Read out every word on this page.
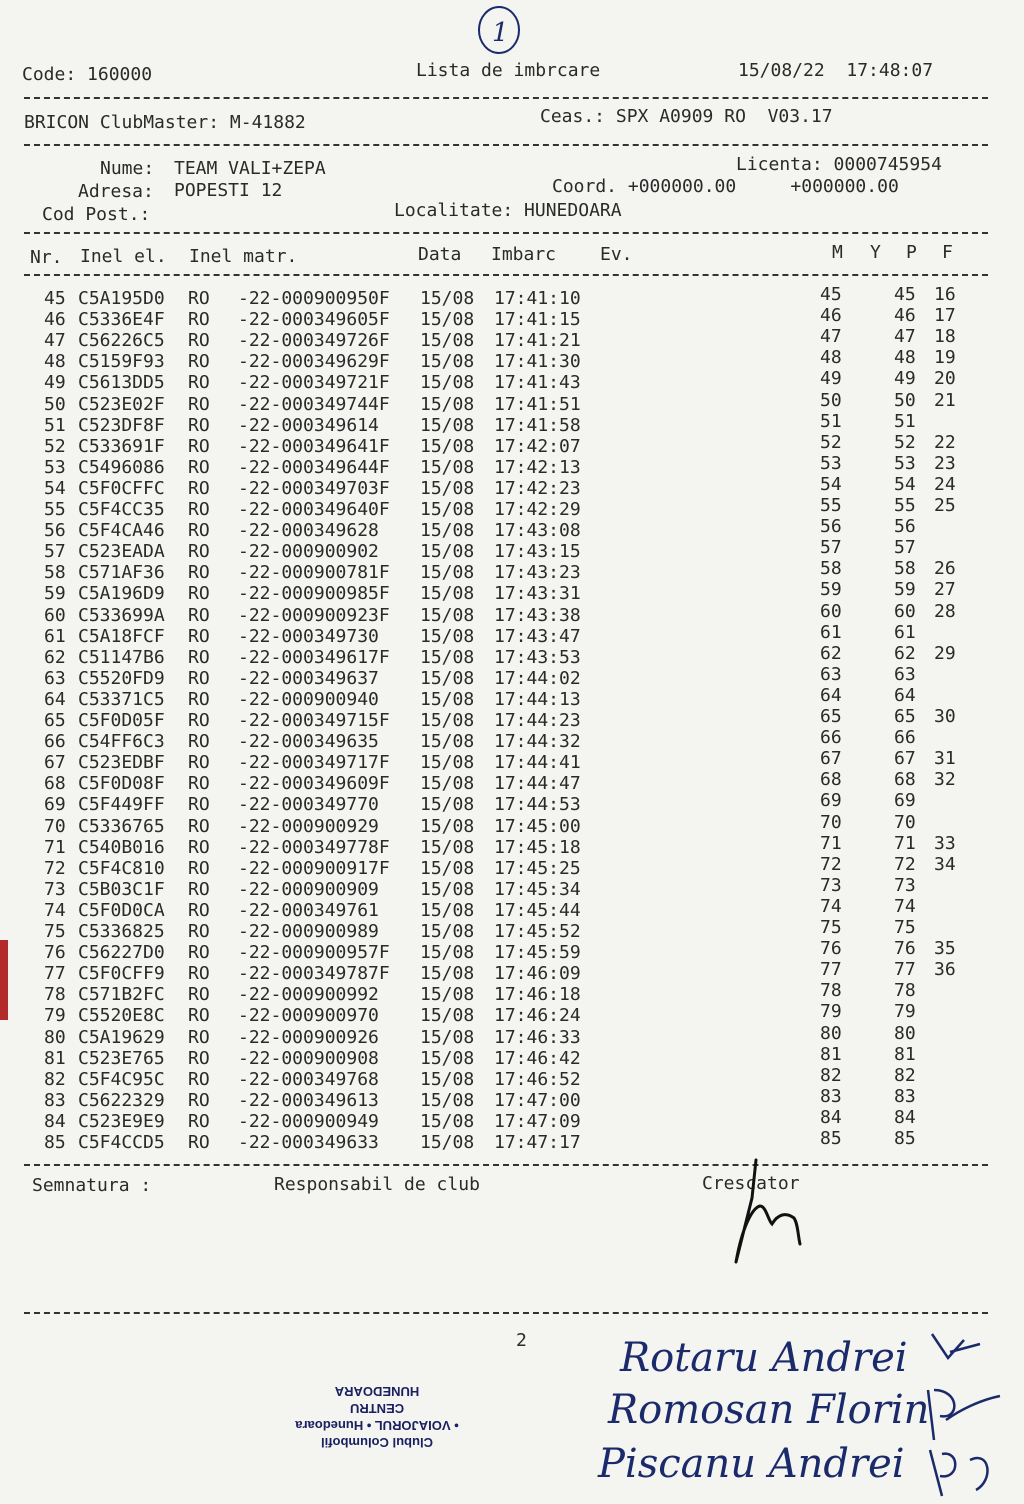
1
Code: 160000	Lista de imbrcare	15/08/22  17:48:07
BRICON ClubMaster: M-41882	Ceas.: SPX A0909 RO  V03.17
Nume: TEAM VALI+ZEPA
Adresa: POPESTI 12
Cod Post.:
Licenta: 0000745954
Coord. +000000.00     +000000.00
Localitate: HUNEDOARA
Nr. Inel el. Inel matr.	Data Imbarc Ev.	M Y P F
45 C5A195D0 RO -22-000900950F 15/08 17:41:10	45	45 16
46 C5336E4F RO -22-000349605F 15/08 17:41:15	46	46 17
47 C56226C5 RO -22-000349726F 15/08 17:41:21	47	47 18
48 C5159F93 RO -22-000349629F 15/08 17:41:30	48	48 19
49 C5613DD5 RO -22-000349721F 15/08 17:41:43	49	49 20
50 C523E02F RO -22-000349744F 15/08 17:41:51	50	50 21
51 C523DF8F RO -22-000349614 15/08 17:41:58	51	51
52 C533691F RO -22-000349641F 15/08 17:42:07	52	52 22
53 C5496086 RO -22-000349644F 15/08 17:42:13	53	53 23
54 C5F0CFFC RO -22-000349703F 15/08 17:42:23	54	54 24
55 C5F4CC35 RO -22-000349640F 15/08 17:42:29	55	55 25
56 C5F4CA46 RO -22-000349628 15/08 17:43:08	56	56
57 C523EADA RO -22-000900902 15/08 17:43:15	57	57
58 C571AF36 RO -22-000900781F 15/08 17:43:23	58	58 26
59 C5A196D9 RO -22-000900985F 15/08 17:43:31	59	59 27
60 C533699A RO -22-000900923F 15/08 17:43:38	60	60 28
61 C5A18FCF RO -22-000349730 15/08 17:43:47	61	61
62 C51147B6 RO -22-000349617F 15/08 17:43:53	62	62 29
63 C5520FD9 RO -22-000349637 15/08 17:44:02	63	63
64 C53371C5 RO -22-000900940 15/08 17:44:13	64	64
65 C5F0D05F RO -22-000349715F 15/08 17:44:23	65	65 30
66 C54FF6C3 RO -22-000349635 15/08 17:44:32	66	66
67 C523EDBF RO -22-000349717F 15/08 17:44:41	67	67 31
68 C5F0D08F RO -22-000349609F 15/08 17:44:47	68	68 32
69 C5F449FF RO -22-000349770 15/08 17:44:53	69	69
70 C5336765 RO -22-000900929 15/08 17:45:00	70	70
71 C540B016 RO -22-000349778F 15/08 17:45:18	71	71 33
72 C5F4C810 RO -22-000900917F 15/08 17:45:25	72	72 34
73 C5B03C1F RO -22-000900909 15/08 17:45:34	73	73
74 C5F0D0CA RO -22-000349761 15/08 17:45:44	74	74
75 C5336825 RO -22-000900989 15/08 17:45:52	75	75
76 C56227D0 RO -22-000900957F 15/08 17:45:59	76	76 35
77 C5F0CFF9 RO -22-000349787F 15/08 17:46:09	77	77 36
78 C571B2FC RO -22-000900992 15/08 17:46:18	78	78
79 C5520E8C RO -22-000900970 15/08 17:46:24	79	79
80 C5A19629 RO -22-000900926 15/08 17:46:33	80	80
81 C523E765 RO -22-000900908 15/08 17:46:42	81	81
82 C5F4C95C RO -22-000349768 15/08 17:46:52	82	82
83 C5622329 RO -22-000349613 15/08 17:47:00	83	83
84 C523E9E9 RO -22-000900949 15/08 17:47:09	84	84
85 C5F4CCD5 RO -22-000349633 15/08 17:47:17	85	85
Semnatura :	Responsabil de club	Crescator
2
Clubul Columbofil
• VOIAJORUL • Hunedoara
CENTRU
HUNEDOARA
Rotaru Andrei
Romosan Florin
Piscanu Andrei
